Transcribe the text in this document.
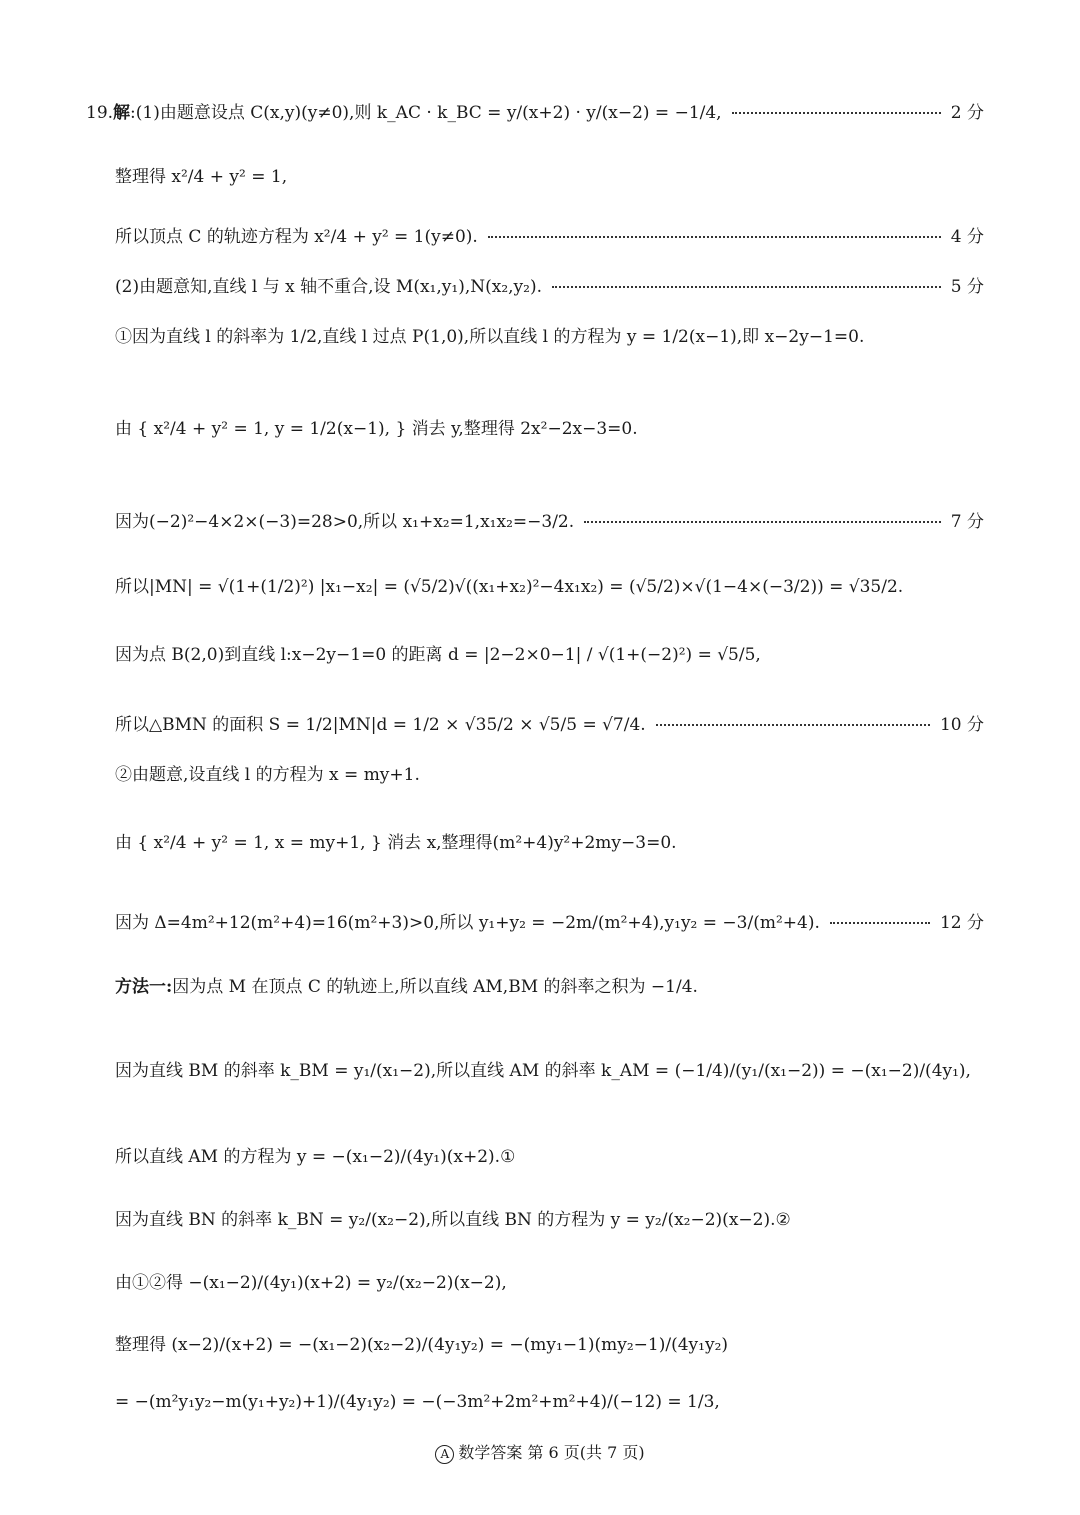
19.解:(1)由题意设点 C(x,y)(y≠0),则 k_AC · k_BC = y/(x+2) · y/(x−2) = −1/4,	2 分
整理得 x²/4 + y² = 1,
所以顶点 C 的轨迹方程为 x²/4 + y² = 1(y≠0).	4 分
(2)由题意知,直线 l 与 x 轴不重合,设 M(x₁,y₁),N(x₂,y₂).	5 分
①因为直线 l 的斜率为 1/2,直线 l 过点 P(1,0),所以直线 l 的方程为 y = 1/2(x−1),即 x−2y−1=0.
由 { x²/4 + y² = 1, y = 1/2(x−1), } 消去 y,整理得 2x²−2x−3=0.
因为(−2)²−4×2×(−3)=28>0,所以 x₁+x₂=1,x₁x₂=−3/2.	7 分
所以|MN| = √(1+(1/2)²) |x₁−x₂| = (√5/2)√((x₁+x₂)²−4x₁x₂) = (√5/2)×√(1−4×(−3/2)) = √35/2.
因为点 B(2,0)到直线 l:x−2y−1=0 的距离 d = |2−2×0−1| / √(1+(−2)²) = √5/5,
所以△BMN 的面积 S = 1/2|MN|d = 1/2 × √35/2 × √5/5 = √7/4.	10 分
②由题意,设直线 l 的方程为 x = my+1.
由 { x²/4 + y² = 1, x = my+1, } 消去 x,整理得(m²+4)y²+2my−3=0.
因为 Δ=4m²+12(m²+4)=16(m²+3)>0,所以 y₁+y₂ = −2m/(m²+4),y₁y₂ = −3/(m²+4).	12 分
方法一:因为点 M 在顶点 C 的轨迹上,所以直线 AM,BM 的斜率之积为 −1/4.
因为直线 BM 的斜率 k_BM = y₁/(x₁−2),所以直线 AM 的斜率 k_AM = (−1/4)/(y₁/(x₁−2)) = −(x₁−2)/(4y₁),
所以直线 AM 的方程为 y = −(x₁−2)/(4y₁)(x+2).①
因为直线 BN 的斜率 k_BN = y₂/(x₂−2),所以直线 BN 的方程为 y = y₂/(x₂−2)(x−2).②
由①②得 −(x₁−2)/(4y₁)(x+2) = y₂/(x₂−2)(x−2),
整理得 (x−2)/(x+2) = −(x₁−2)(x₂−2)/(4y₁y₂) = −(my₁−1)(my₂−1)/(4y₁y₂)
= −(m²y₁y₂−m(y₁+y₂)+1)/(4y₁y₂) = −(−3m²+2m²+m²+4)/(−12) = 1/3,
A 数学答案 第 6 页(共 7 页)
